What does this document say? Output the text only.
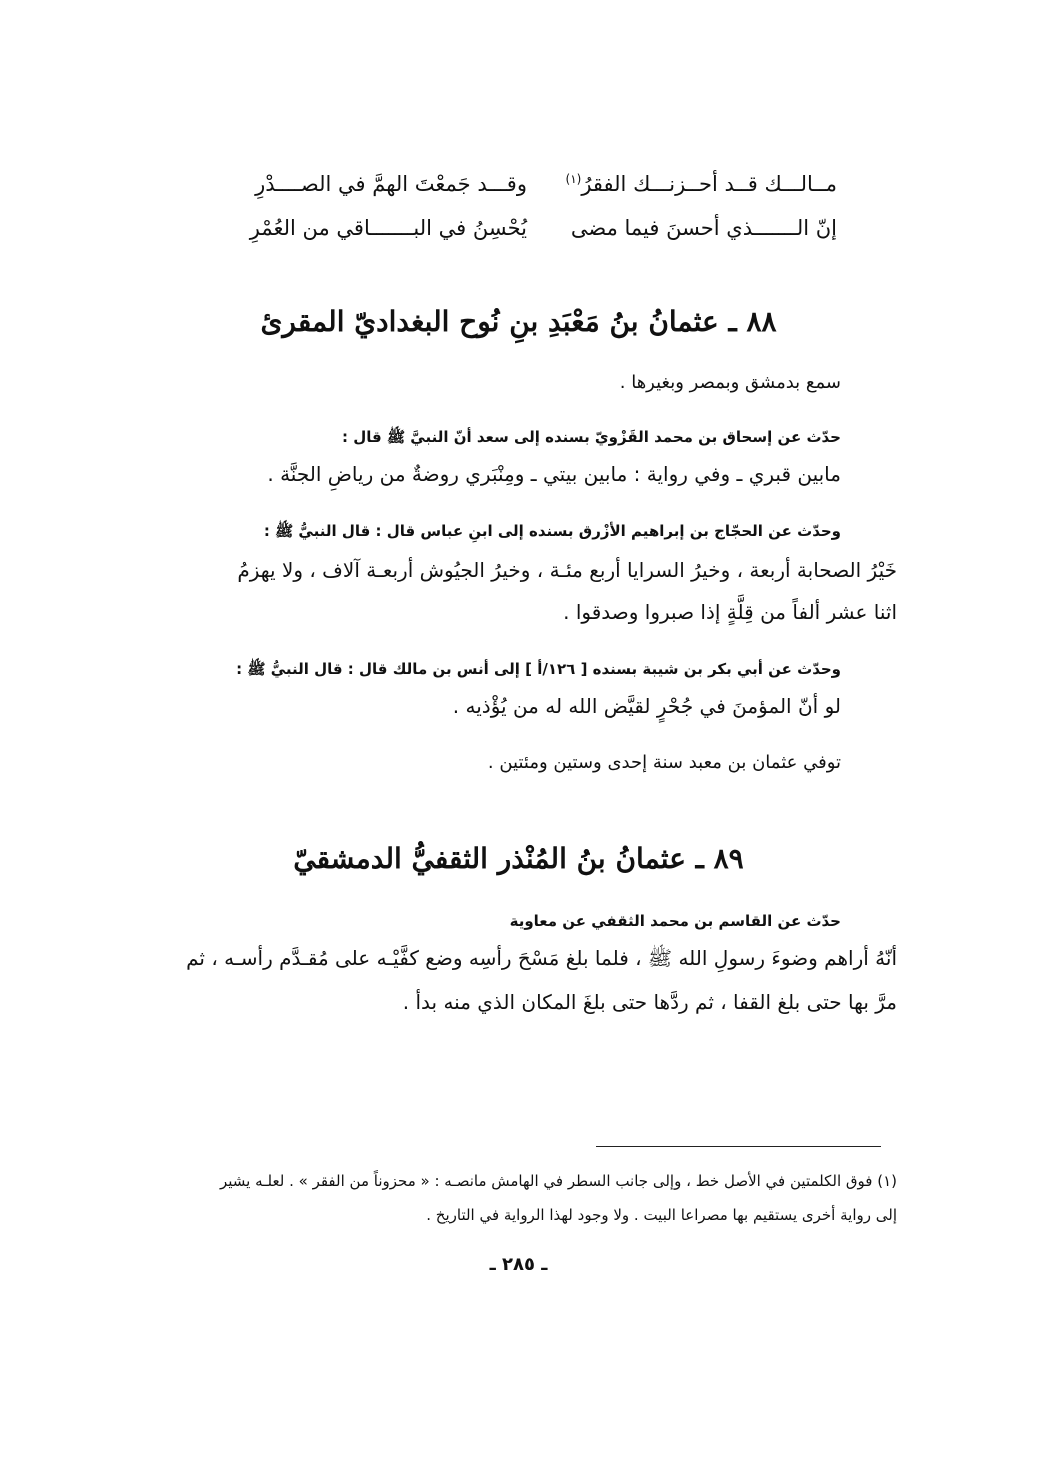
مــالـــك قــد أحــزنـــك الفقرُ$^{(١)}$
وقـــد جَمعْتَ الهمَّ في الصــــدْرِ
إنّ الـــــــذي أحسنَ فيما مضى
يُحْسِنُ في البـــــــاقي من العُمْرِ
٨٨ ـ عثمانُ بنُ مَعْبَدِ بنِ نُوح البغداديّ المقرئ
سمع بدمشق وبمصر وبغيرها .
حدّث عن إسحاق بن محمد القَزْويّ بسنده إلى سعد أنّ النبيَّ ﷺ قال :
مابين قبري ـ وفي رواية : مابين بيتي ـ ومِنْبَري روضةٌ من رياضِ الجنَّة .
وحدّث عن الحجّاج بن إبراهيم الأزْرق بسنده إلى ابنِ عباس قال : قال النبيُّ ﷺ :
خَيْرُ الصحابة أربعة ، وخيرُ السرايا أربع مئـة ، وخيرُ الجيُوش أربعـة آلاف ، ولا يهزمُ
اثنا عشر ألفاً من قِلَّةٍ إذا صبروا وصدقوا .
وحدّث عن أبي بكر بن شيبة بسنده [ ١٢٦/أ ] إلى أنس بن مالك قال : قال النبيُّ ﷺ :
لو أنّ المؤمنَ في جُحْرٍ لقيَّض الله له من يُؤْذيه .
توفي عثمان بن معبد سنة إحدى وستين ومئتين .
٨٩ ـ عثمانُ بنُ المُنْذر الثقفيُّ الدمشقيّ
حدّث عن القاسم بن محمد الثقفي عن معاوية
أنّهُ أراهم وضوءَ رسولِ الله ﷺ ، فلما بلغ مَسْحَ رأسِه وضع كفَّيْـه على مُقـدَّم رأسـه ، ثم
مرَّ بها حتى بلغ القفا ، ثم ردَّها حتى بلغَ المكان الذي منه بدأ .
(١) فوق الكلمتين في الأصل خط ، وإلى جانب السطر في الهامش مانصـه : « محزوناً من الفقر » . لعلـه يشير
إلى رواية أخرى يستقيم بها مصراعا البيت . ولا وجود لهذا الرواية في التاريخ .
ـ ٢٨٥ ـ
